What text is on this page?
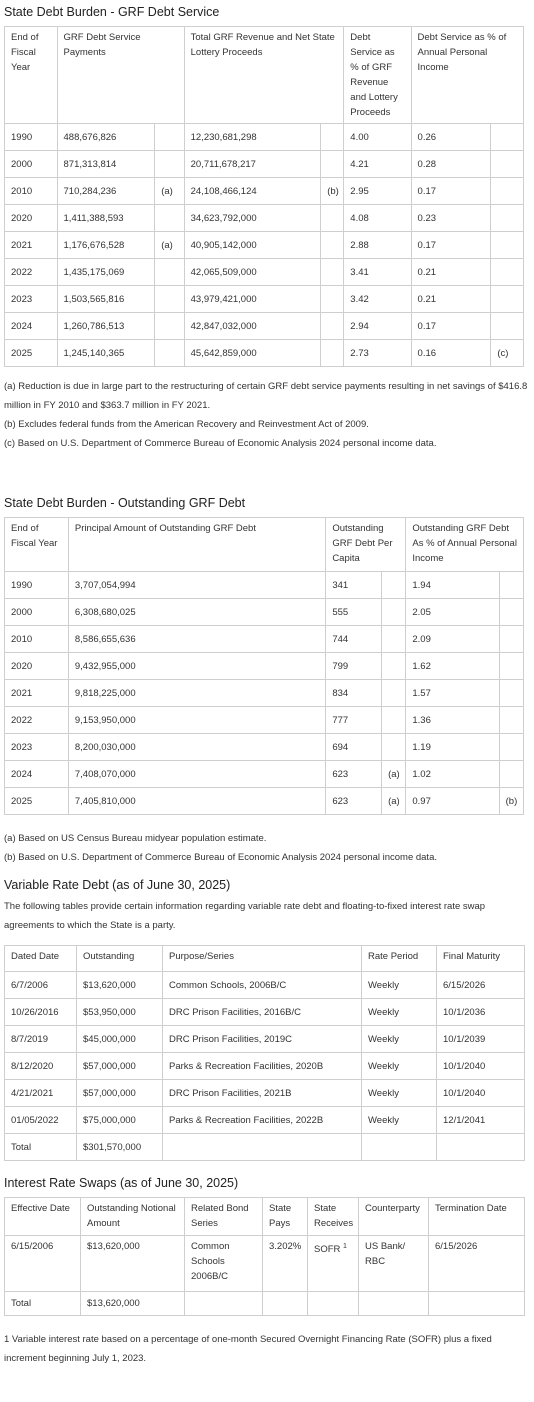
State Debt Burden - GRF Debt Service
End of Fiscal Year	GRF Debt Service Payments		Total GRF Revenue and Net State Lottery Proceeds		Debt Service as % of GRF Revenue and Lottery Proceeds	Debt Service as % of Annual Personal Income	
1990	488,676,826		12,230,681,298		4.00	0.26	
2000	871,313,814		20,711,678,217		4.21	0.28	
2010	710,284,236	(a)	24,108,466,124	(b)	2.95	0.17	
2020	1,411,388,593		34,623,792,000		4.08	0.23	
2021	1,176,676,528	(a)	40,905,142,000		2.88	0.17	
2022	1,435,175,069		42,065,509,000		3.41	0.21	
2023	1,503,565,816		43,979,421,000		3.42	0.21	
2024	1,260,786,513		42,847,032,000		2.94	0.17	
2025	1,245,140,365		45,642,859,000		2.73	0.16	(c)

(a) Reduction is due in large part to the restructuring of certain GRF debt service payments resulting in net savings of $416.8 million in FY 2010 and $363.7 million in FY 2021.

(b) Excludes federal funds from the American Recovery and Reinvestment Act of 2009.

(c) Based on U.S. Department of Commerce Bureau of Economic Analysis 2024 personal income data.

State Debt Burden - Outstanding GRF Debt
End of Fiscal Year	Principal Amount of Outstanding GRF Debt	Outstanding GRF Debt Per Capita		Outstanding GRF Debt As % of Annual Personal Income	
1990	3,707,054,994	341		1.94	
2000	6,308,680,025	555		2.05	
2010	8,586,655,636	744		2.09	
2020	9,432,955,000	799		1.62	
2021	9,818,225,000	834		1.57	
2022	9,153,950,000	777		1.36	
2023	8,200,030,000	694		1.19	
2024	7,408,070,000	623	(a)	1.02	
2025	7,405,810,000	623	(a)	0.97	(b)

(a) Based on US Census Bureau midyear population estimate.

(b) Based on U.S. Department of Commerce Bureau of Economic Analysis 2024 personal income data.

Variable Rate Debt (as of June 30, 2025)

The following tables provide certain information regarding variable rate debt and floating-to-fixed interest rate swap agreements to which the State is a party.

Dated Date	Outstanding	Purpose/Series	Rate Period	Final Maturity
6/7/2006	$13,620,000	Common Schools, 2006B/C	Weekly	6/15/2026
10/26/2016	$53,950,000	DRC Prison Facilities, 2016B/C	Weekly	10/1/2036
8/7/2019	$45,000,000	DRC Prison Facilities, 2019C	Weekly	10/1/2039
8/12/2020	$57,000,000	Parks & Recreation Facilities, 2020B	Weekly	10/1/2040
4/21/2021	$57,000,000	DRC Prison Facilities, 2021B	Weekly	10/1/2040
01/05/2022	$75,000,000	Parks & Recreation Facilities, 2022B	Weekly	12/1/2041
Total	$301,570,000			
Interest Rate Swaps (as of June 30, 2025)
Effective Date	Outstanding Notional Amount	Related Bond Series	State Pays	State Receives	Counterparty	Termination Date
6/15/2006	$13,620,000	Common Schools 2006B/C	3.202%	SOFR $^1$	US Bank/ RBC	6/15/2026
Total	$13,620,000					

1 Variable interest rate based on a percentage of one-month Secured Overnight Financing Rate (SOFR) plus a fixed increment beginning July 1, 2023.
